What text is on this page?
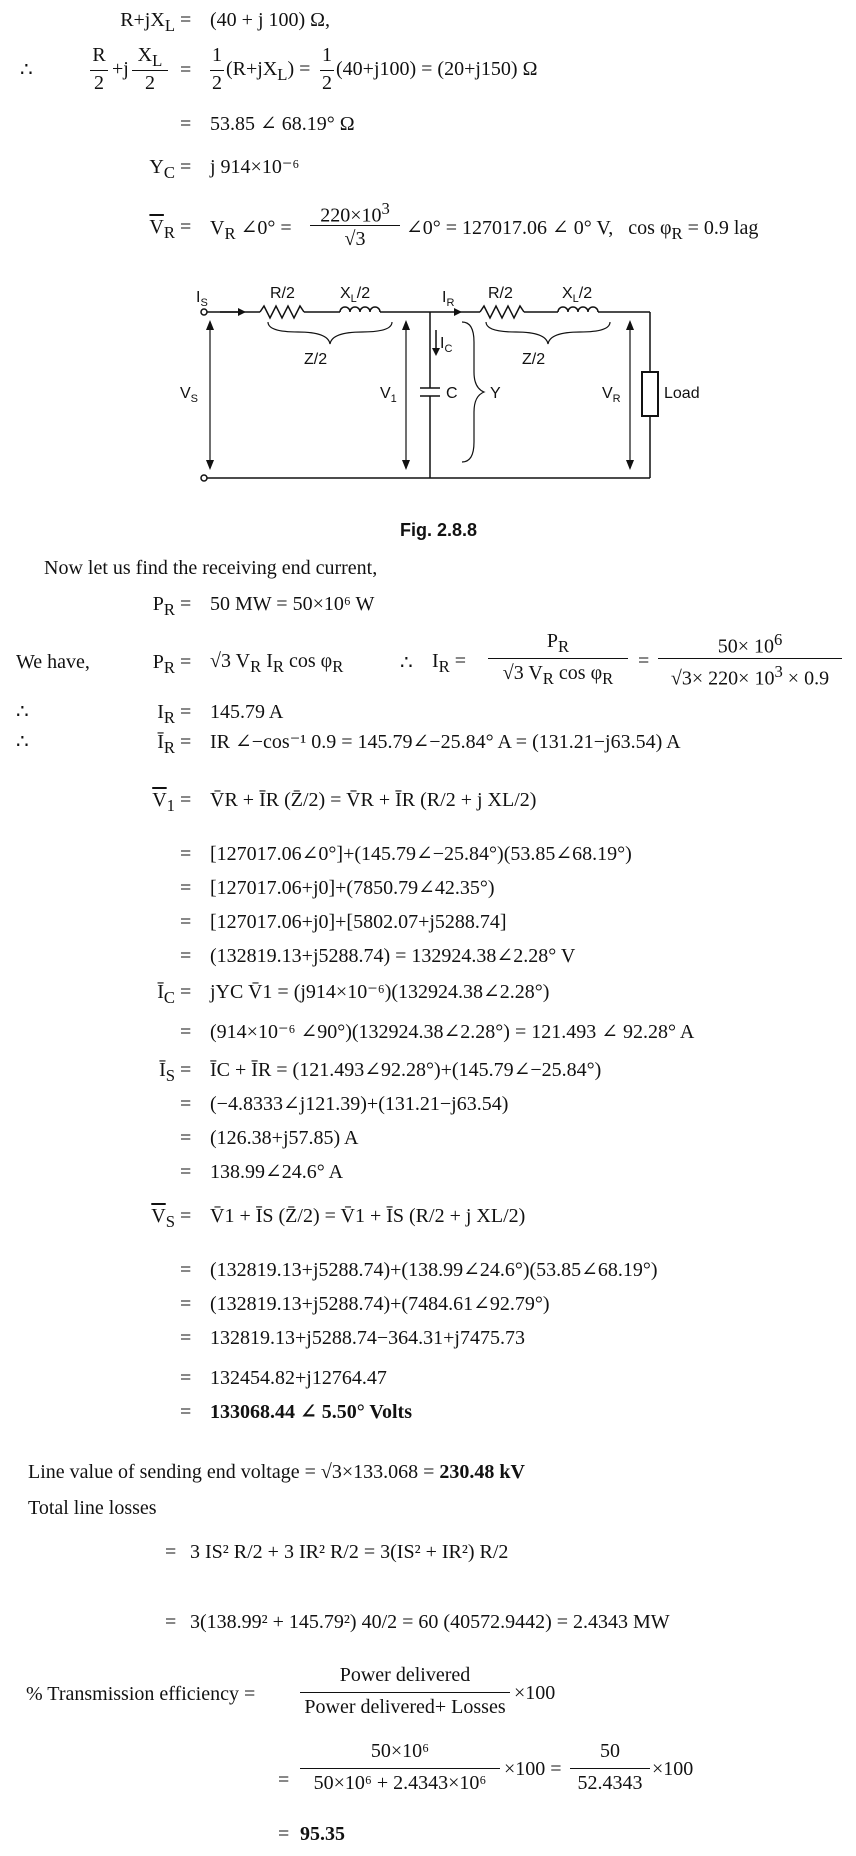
∴
$R+jX_L = (40 + j$ 100) Ω,
R
2
+j
$X_L$
2
=
1
2
$(R+jX_L)$ =
1
2
(40+j100) = (20+j150) Ω
= 53.85 ∠ 68.19° Ω
$Y_C = j$ 914×10⁻⁶
$\overline{V}_R = V_R$ ∠0° =
$220\times 10^3$
√3	∠0° = 127017.06 ∠ 0° V,   $\cos \varphi_R = 0.9$ lag
$I_S$
R/2	$X_L/2$
Z/2
$I_R$
R/2	$X_L/2$
Z/2
$I_C$
$V_S$	$V_1$	C Y	$V_R$	Load
Fig. 2.8.8
Now let us find the receiving end current,
$P_R = 50$ MW = 50×10⁶ W
We have,	$P_R = √3$ $V_R$ $I_R$ $\cos \varphi_R$	∴ $I_R$ =
$P_R$
√3 $V_R$ $\cos \varphi_R$
=
$50\times 10^6$
$√3\times 220\times 10^3 \times 0.9$
∴	$I_R = 145.79$ A
∴	$Ī_R$ = IR ∠−cos⁻¹ 0.9 = 145.79∠−25.84° A = (131.21−j63.54) A
$\overline{V}_1$ = V̄R + ĪR (Z̄/2) = V̄R + ĪR (R/2 + j XL/2)
= [127017.06∠0°]+(145.79∠−25.84°)(53.85∠68.19°)
= [127017.06+j0]+(7850.79∠42.35°)
= [127017.06+j0]+[5802.07+j5288.74]
= (132819.13+j5288.74) = 132924.38∠2.28° V
$Ī_C$ = jYC V̄1 = (j914×10⁻⁶)(132924.38∠2.28°)
= (914×10⁻⁶ ∠90°)(132924.38∠2.28°) = 121.493 ∠ 92.28° A
$Ī_S$ = ĪC + ĪR = (121.493∠92.28°)+(145.79∠−25.84°)
= (−4.8333∠j121.39)+(131.21−j63.54)
= (126.38+j57.85) A
= 138.99∠24.6° A
$\overline{V}_S$ = V̄1 + ĪS (Z̄/2) = V̄1 + ĪS (R/2 + j XL/2)
= (132819.13+j5288.74)+(138.99∠24.6°)(53.85∠68.19°)
= (132819.13+j5288.74)+(7484.61∠92.79°)
= 132819.13+j5288.74−364.31+j7475.73
= 132454.82+j12764.47
= 133068.44 ∠ 5.50° Volts
Line value of sending end voltage = √3×133.068 = 230.48 kV
Total line losses
= 3 IS² R/2 + 3 IR² R/2 = 3(IS² + IR²) R/2
= 3(138.99² + 145.79²) 40/2 = 60 (40572.9442) = 2.4343 MW
% Transmission efficiency =
Power delivered
Power delivered+ Losses
×100
=
50×10⁶
50×10⁶ + 2.4343×10⁶
×100 =
50
52.4343
×100
= 95.35
